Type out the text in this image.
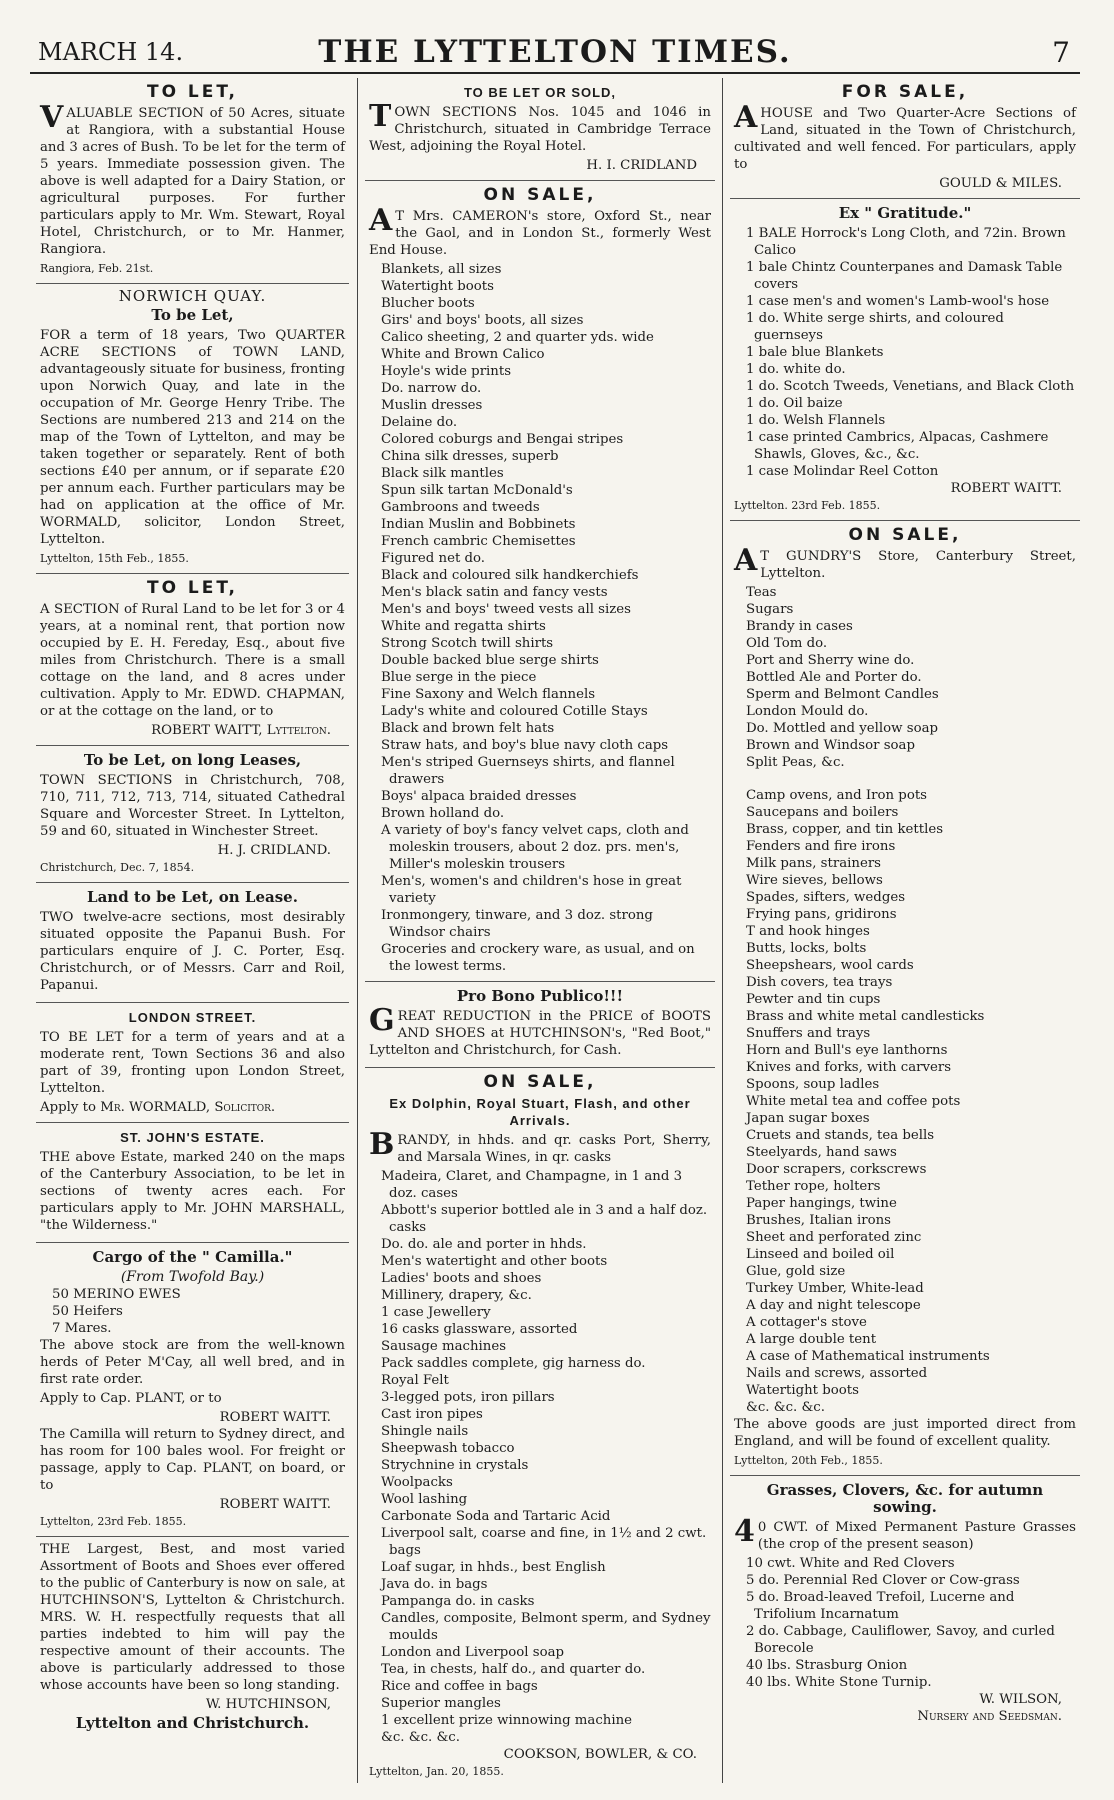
MARCH 14.	THE LYTTELTON TIMES.	7
TO LET,

VALUABLE SECTION of 50 Acres, situate at Rangiora, with a substantial House and 3 acres of Bush. To be let for the term of 5 years. Immediate possession given. The above is well adapted for a Dairy Station, or agricultural purposes. For further particulars apply to Mr. Wm. Stewart, Royal Hotel, Christchurch, or to Mr. Hanmer, Rangiora.

Rangiora, Feb. 21st.
NORWICH QUAY.
To be Let,

FOR a term of 18 years, Two QUARTER ACRE SECTIONS of TOWN LAND, advantageously situate for business, fronting upon Norwich Quay, and late in the occupation of Mr. George Henry Tribe. The Sections are numbered 213 and 214 on the map of the Town of Lyttelton, and may be taken together or separately. Rent of both sections £40 per annum, or if separate £20 per annum each. Further particulars may be had on application at the office of Mr. WORMALD, solicitor, London Street, Lyttelton.

Lyttelton, 15th Feb., 1855.
TO LET,

A SECTION of Rural Land to be let for 3 or 4 years, at a nominal rent, that portion now occupied by E. H. Fereday, Esq., about five miles from Christchurch. There is a small cottage on the land, and 8 acres under cultivation. Apply to Mr. EDWD. CHAPMAN, or at the cottage on the land, or to

ROBERT WAITT, Lyttelton.
To be Let, on long Leases,

TOWN SECTIONS in Christchurch, 708, 710, 711, 712, 713, 714, situated Cathedral Square and Worcester Street. In Lyttelton, 59 and 60, situated in Winchester Street.

H. J. CRIDLAND.
Christchurch, Dec. 7, 1854.
Land to be Let, on Lease.

TWO twelve-acre sections, most desirably situated opposite the Papanui Bush. For particulars enquire of J. C. Porter, Esq. Christchurch, or of Messrs. Carr and Roil, Papanui.

LONDON STREET.

TO BE LET for a term of years and at a moderate rent, Town Sections 36 and also part of 39, fronting upon London Street, Lyttelton.

Apply to Mr. WORMALD, Solicitor.
ST. JOHN'S ESTATE.

THE above Estate, marked 240 on the maps of the Canterbury Association, to be let in sections of twenty acres each. For particulars apply to Mr. JOHN MARSHALL, "the Wilderness."

Cargo of the " Camilla."
(From Twofold Bay.)
50 MERINO EWES
50 Heifers
7 Mares.

The above stock are from the well-known herds of Peter M'Cay, all well bred, and in first rate order.

Apply to Cap. PLANT, or to

ROBERT WAITT.

The Camilla will return to Sydney direct, and has room for 100 bales wool. For freight or passage, apply to Cap. PLANT, on board, or to

ROBERT WAITT.
Lyttelton, 23rd Feb. 1855.

THE Largest, Best, and most varied Assortment of Boots and Shoes ever offered to the public of Canterbury is now on sale, at HUTCHINSON'S, Lyttelton & Christchurch. MRS. W. H. respectfully requests that all parties indebted to him will pay the respective amount of their accounts. The above is particularly addressed to those whose accounts have been so long standing.

W. HUTCHINSON,
Lyttelton and Christchurch.
TO BE LET OR SOLD,

TOWN SECTIONS Nos. 1045 and 1046 in Christchurch, situated in Cambridge Terrace West, adjoining the Royal Hotel.

H. I. CRIDLAND
ON SALE,

AT Mrs. CAMERON's store, Oxford St., near the Gaol, and in London St., formerly West End House.

Blankets, all sizes
Watertight boots
Blucher boots
Girs' and boys' boots, all sizes
Calico sheeting, 2 and quarter yds. wide
White and Brown Calico
Hoyle's wide prints
Do. narrow do.
Muslin dresses
Delaine do.
Colored coburgs and Bengai stripes
China silk dresses, superb
Black silk mantles
Spun silk tartan McDonald's
Gambroons and tweeds
Indian Muslin and Bobbinets
French cambric Chemisettes
Figured net do.
Black and coloured silk handkerchiefs
Men's black satin and fancy vests
Men's and boys' tweed vests all sizes
White and regatta shirts
Strong Scotch twill shirts
Double backed blue serge shirts
Blue serge in the piece
Fine Saxony and Welch flannels
Lady's white and coloured Cotille Stays
Black and brown felt hats
Straw hats, and boy's blue navy cloth caps
Men's striped Guernseys shirts, and flannel drawers
Boys' alpaca braided dresses
Brown holland do.
A variety of boy's fancy velvet caps, cloth and moleskin trousers, about 2 doz. prs. men's, Miller's moleskin trousers
Men's, women's and children's hose in great variety
Ironmongery, tinware, and 3 doz. strong Windsor chairs
Groceries and crockery ware, as usual, and on the lowest terms.
Pro Bono Publico!!!

GREAT REDUCTION in the PRICE of BOOTS AND SHOES at HUTCHINSON's, "Red Boot," Lyttelton and Christchurch, for Cash.

ON SALE,
Ex Dolphin, Royal Stuart, Flash, and other Arrivals.

BRANDY, in hhds. and qr. casks Port, Sherry, and Marsala Wines, in qr. casks

Madeira, Claret, and Champagne, in 1 and 3 doz. cases
Abbott's superior bottled ale in 3 and a half doz. casks
Do. do. ale and porter in hhds.
Men's watertight and other boots
Ladies' boots and shoes
Millinery, drapery, &c.
1 case Jewellery
16 casks glassware, assorted
Sausage machines
Pack saddles complete, gig harness do.
Royal Felt
3-legged pots, iron pillars
Cast iron pipes
Shingle nails
Sheepwash tobacco
Strychnine in crystals
Woolpacks
Wool lashing
Carbonate Soda and Tartaric Acid
Liverpool salt, coarse and fine, in 1½ and 2 cwt. bags
Loaf sugar, in hhds., best English
Java do. in bags
Pampanga do. in casks
Candles, composite, Belmont sperm, and Sydney moulds
London and Liverpool soap
Tea, in chests, half do., and quarter do.
Rice and coffee in bags
Superior mangles
1 excellent prize winnowing machine
&c. &c. &c.
COOKSON, BOWLER, & CO.
Lyttelton, Jan. 20, 1855.
FOR SALE,

AHOUSE and Two Quarter-Acre Sections of Land, situated in the Town of Christchurch, cultivated and well fenced. For particulars, apply to

GOULD & MILES.
Ex " Gratitude."
1 BALE Horrock's Long Cloth, and 72in. Brown Calico
1 bale Chintz Counterpanes and Damask Table covers
1 case men's and women's Lamb-wool's hose
1 do. White serge shirts, and coloured guernseys
1 bale blue Blankets
1 do. white do.
1 do. Scotch Tweeds, Venetians, and Black Cloth
1 do. Oil baize
1 do. Welsh Flannels
1 case printed Cambrics, Alpacas, Cashmere Shawls, Gloves, &c., &c.
1 case Molindar Reel Cotton
ROBERT WAITT.
Lyttelton. 23rd Feb. 1855.
ON SALE,

AT GUNDRY'S Store, Canterbury Street, Lyttelton.

Teas
Sugars
Brandy in cases
Old Tom do.
Port and Sherry wine do.
Bottled Ale and Porter do.
Sperm and Belmont Candles
London Mould do.
Do. Mottled and yellow soap
Brown and Windsor soap
Split Peas, &c.
Camp ovens, and Iron pots
Saucepans and boilers
Brass, copper, and tin kettles
Fenders and fire irons
Milk pans, strainers
Wire sieves, bellows
Spades, sifters, wedges
Frying pans, gridirons
T and hook hinges
Butts, locks, bolts
Sheepshears, wool cards
Dish covers, tea trays
Pewter and tin cups
Brass and white metal candlesticks
Snuffers and trays
Horn and Bull's eye lanthorns
Knives and forks, with carvers
Spoons, soup ladles
White metal tea and coffee pots
Japan sugar boxes
Cruets and stands, tea bells
Steelyards, hand saws
Door scrapers, corkscrews
Tether rope, holters
Paper hangings, twine
Brushes, Italian irons
Sheet and perforated zinc
Linseed and boiled oil
Glue, gold size
Turkey Umber, White-lead
A day and night telescope
A cottager's stove
A large double tent
A case of Mathematical instruments
Nails and screws, assorted
Watertight boots
&c. &c. &c.

The above goods are just imported direct from England, and will be found of excellent quality.

Lyttelton, 20th Feb., 1855.
Grasses, Clovers, &c. for autumn sowing.

40 CWT. of Mixed Permanent Pasture Grasses (the crop of the present season)

10 cwt. White and Red Clovers
5 do. Perennial Red Clover or Cow-grass
5 do. Broad-leaved Trefoil, Lucerne and Trifolium Incarnatum
2 do. Cabbage, Cauliflower, Savoy, and curled Borecole
40 lbs. Strasburg Onion
40 lbs. White Stone Turnip.
W. WILSON,
Nursery and Seedsman.
